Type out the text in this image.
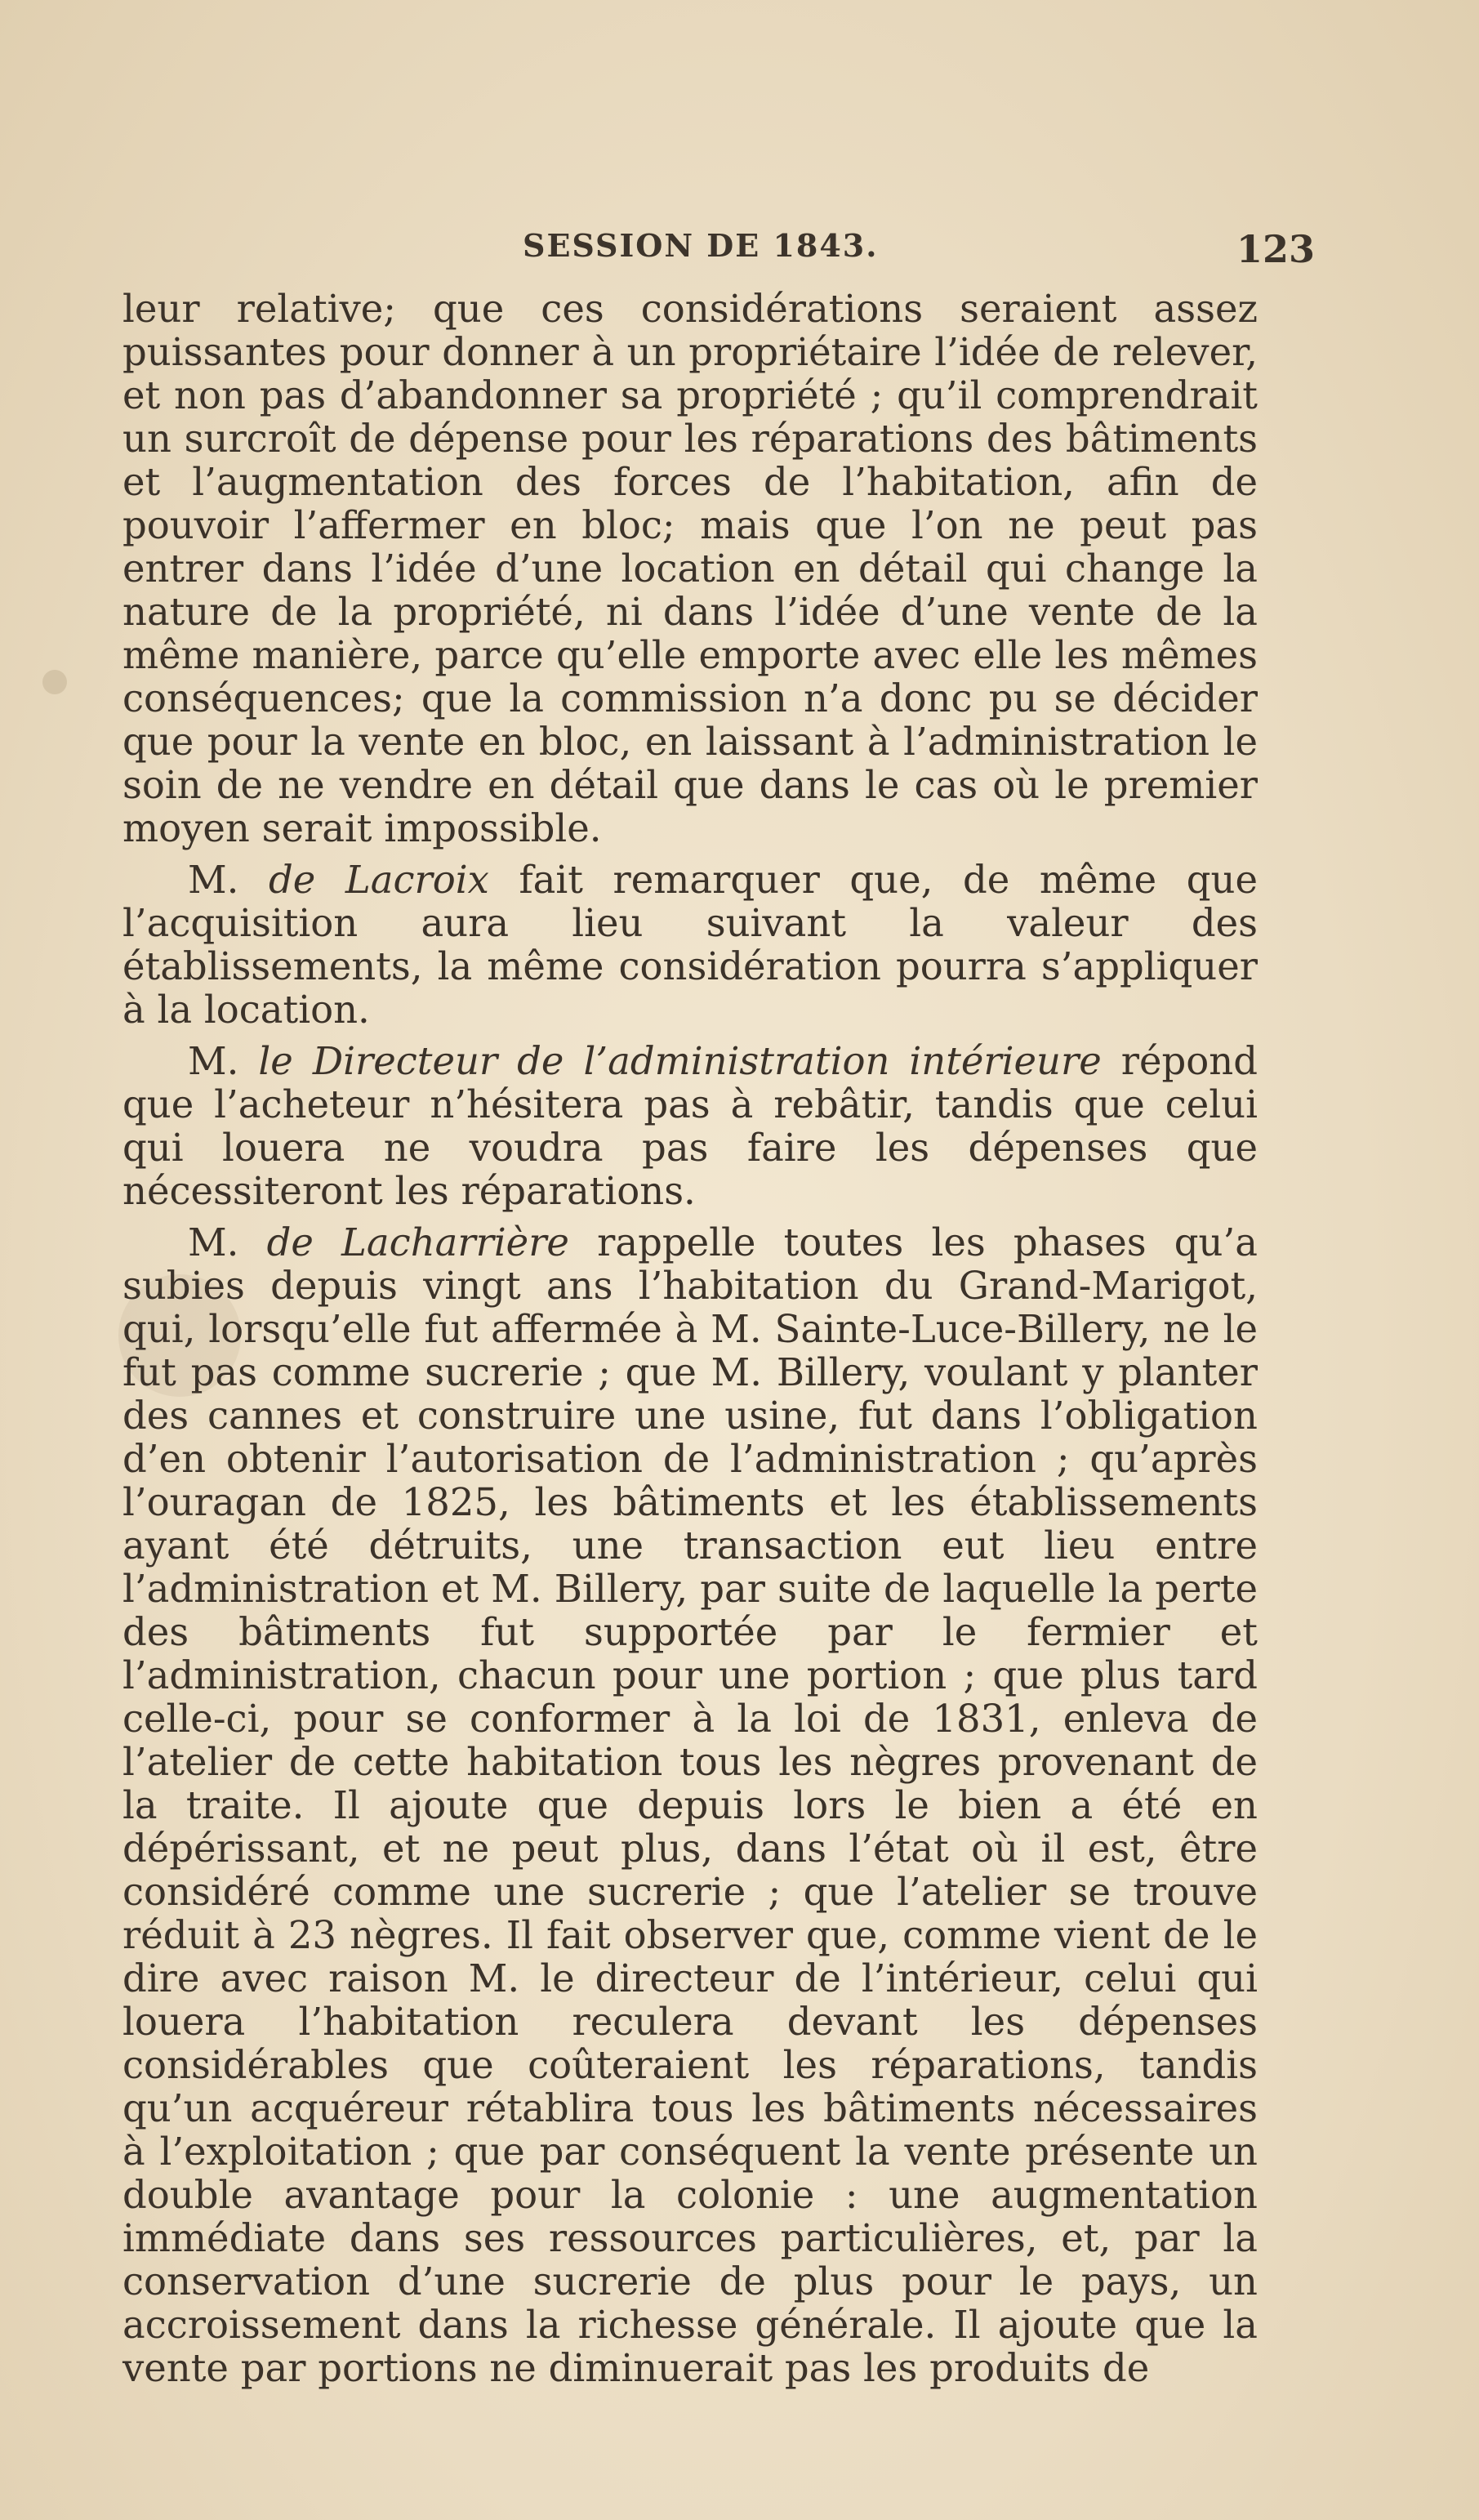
SESSION DE 1843.	123

leur relative; que ces considérations seraient assez puissantes pour donner à un propriétaire l’idée de relever, et non pas d’abandonner sa propriété ; qu’il comprendrait un surcroît de dépense pour les réparations des bâtiments et l’augmentation des forces de l’habitation, afin de pouvoir l’affermer en bloc; mais que l’on ne peut pas entrer dans l’idée d’une location en détail qui change la nature de la propriété, ni dans l’idée d’une vente de la même manière, parce qu’elle emporte avec elle les mêmes conséquences; que la commission n’a donc pu se décider que pour la vente en bloc, en laissant à l’administration le soin de ne vendre en détail que dans le cas où le premier moyen serait impossible.

M. de Lacroix fait remarquer que, de même que l’acquisition aura lieu suivant la valeur des établissements, la même considération pourra s’appliquer à la location.

M. le Directeur de l’administration intérieure répond que l’acheteur n’hésitera pas à rebâtir, tandis que celui qui louera ne voudra pas faire les dépenses que nécessiteront les réparations.

M. de Lacharrière rappelle toutes les phases qu’a subies depuis vingt ans l’habitation du Grand-Marigot, qui, lorsqu’elle fut affermée à M. Sainte-Luce-Billery, ne le fut pas comme sucrerie ; que M. Billery, voulant y planter des cannes et construire une usine, fut dans l’obligation d’en obtenir l’autorisation de l’administration ; qu’après l’ouragan de 1825, les bâtiments et les établissements ayant été détruits, une transaction eut lieu entre l’administration et M. Billery, par suite de laquelle la perte des bâtiments fut supportée par le fermier et l’administration, chacun pour une portion ; que plus tard celle-ci, pour se conformer à la loi de 1831, enleva de l’atelier de cette habitation tous les nègres provenant de la traite. Il ajoute que depuis lors le bien a été en dépérissant, et ne peut plus, dans l’état où il est, être considéré comme une sucrerie ; que l’atelier se trouve réduit à 23 nègres. Il fait observer que, comme vient de le dire avec raison M. le directeur de l’intérieur, celui qui louera l’habitation reculera devant les dépenses considérables que coûteraient les réparations, tandis qu’un acquéreur rétablira tous les bâtiments nécessaires à l’exploitation ; que par conséquent la vente présente un double avantage pour la colonie : une augmentation immédiate dans ses ressources particulières, et, par la conservation d’une sucrerie de plus pour le pays, un accroissement dans la richesse générale. Il ajoute que la vente par portions ne diminuerait pas les produits de
